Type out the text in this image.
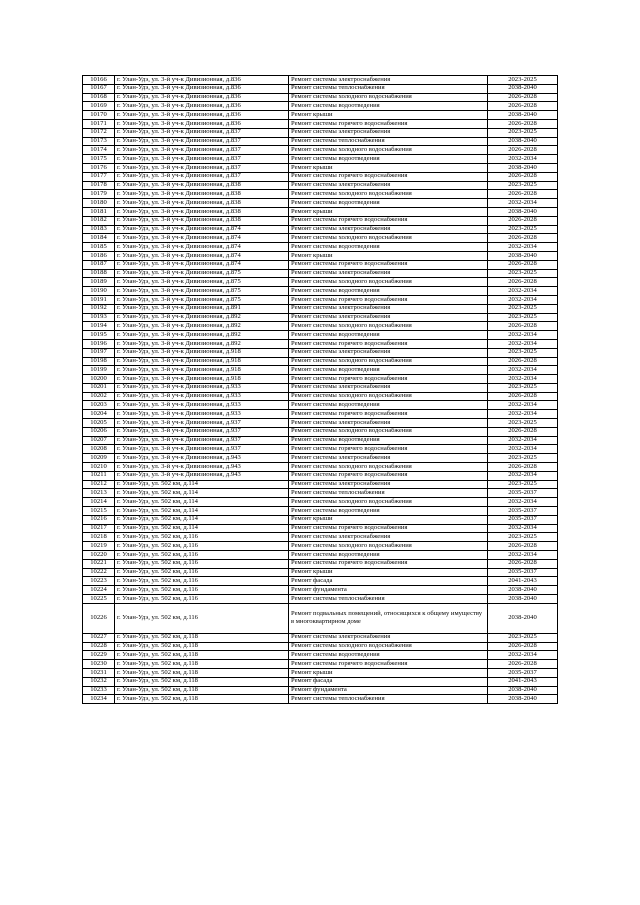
10166	г. Улан-Удэ, ул. 3-й уч-к Дивизионная, д.836	Ремонт системы электроснабжения	2023-2025
10167	г. Улан-Удэ, ул. 3-й уч-к Дивизионная, д.836	Ремонт системы теплоснабжения	2038-2040
10168	г. Улан-Удэ, ул. 3-й уч-к Дивизионная, д.836	Ремонт системы холодного водоснабжения	2026-2028
10169	г. Улан-Удэ, ул. 3-й уч-к Дивизионная, д.836	Ремонт системы водоотведения	2026-2028
10170	г. Улан-Удэ, ул. 3-й уч-к Дивизионная, д.836	Ремонт крыши	2038-2040
10171	г. Улан-Удэ, ул. 3-й уч-к Дивизионная, д.836	Ремонт системы горячего водоснабжения	2026-2028
10172	г. Улан-Удэ, ул. 3-й уч-к Дивизионная, д.837	Ремонт системы электроснабжения	2023-2025
10173	г. Улан-Удэ, ул. 3-й уч-к Дивизионная, д.837	Ремонт системы теплоснабжения	2038-2040
10174	г. Улан-Удэ, ул. 3-й уч-к Дивизионная, д.837	Ремонт системы холодного водоснабжения	2026-2028
10175	г. Улан-Удэ, ул. 3-й уч-к Дивизионная, д.837	Ремонт системы водоотведения	2032-2034
10176	г. Улан-Удэ, ул. 3-й уч-к Дивизионная, д.837	Ремонт крыши	2038-2040
10177	г. Улан-Удэ, ул. 3-й уч-к Дивизионная, д.837	Ремонт системы горячего водоснабжения	2026-2028
10178	г. Улан-Удэ, ул. 3-й уч-к Дивизионная, д.838	Ремонт системы электроснабжения	2023-2025
10179	г. Улан-Удэ, ул. 3-й уч-к Дивизионная, д.838	Ремонт системы холодного водоснабжения	2026-2028
10180	г. Улан-Удэ, ул. 3-й уч-к Дивизионная, д.838	Ремонт системы водоотведения	2032-2034
10181	г. Улан-Удэ, ул. 3-й уч-к Дивизионная, д.838	Ремонт крыши	2038-2040
10182	г. Улан-Удэ, ул. 3-й уч-к Дивизионная, д.838	Ремонт системы горячего водоснабжения	2026-2028
10183	г. Улан-Удэ, ул. 3-й уч-к Дивизионная, д.874	Ремонт системы электроснабжения	2023-2025
10184	г. Улан-Удэ, ул. 3-й уч-к Дивизионная, д.874	Ремонт системы холодного водоснабжения	2026-2028
10185	г. Улан-Удэ, ул. 3-й уч-к Дивизионная, д.874	Ремонт системы водоотведения	2032-2034
10186	г. Улан-Удэ, ул. 3-й уч-к Дивизионная, д.874	Ремонт крыши	2038-2040
10187	г. Улан-Удэ, ул. 3-й уч-к Дивизионная, д.874	Ремонт системы горячего водоснабжения	2026-2028
10188	г. Улан-Удэ, ул. 3-й уч-к Дивизионная, д.875	Ремонт системы электроснабжения	2023-2025
10189	г. Улан-Удэ, ул. 3-й уч-к Дивизионная, д.875	Ремонт системы холодного водоснабжения	2026-2028
10190	г. Улан-Удэ, ул. 3-й уч-к Дивизионная, д.875	Ремонт системы водоотведения	2032-2034
10191	г. Улан-Удэ, ул. 3-й уч-к Дивизионная, д.875	Ремонт системы горячего водоснабжения	2032-2034
10192	г. Улан-Удэ, ул. 3-й уч-к Дивизионная, д.891	Ремонт системы электроснабжения	2023-2025
10193	г. Улан-Удэ, ул. 3-й уч-к Дивизионная, д.892	Ремонт системы электроснабжения	2023-2025
10194	г. Улан-Удэ, ул. 3-й уч-к Дивизионная, д.892	Ремонт системы холодного водоснабжения	2026-2028
10195	г. Улан-Удэ, ул. 3-й уч-к Дивизионная, д.892	Ремонт системы водоотведения	2032-2034
10196	г. Улан-Удэ, ул. 3-й уч-к Дивизионная, д.892	Ремонт системы горячего водоснабжения	2032-2034
10197	г. Улан-Удэ, ул. 3-й уч-к Дивизионная, д.918	Ремонт системы электроснабжения	2023-2025
10198	г. Улан-Удэ, ул. 3-й уч-к Дивизионная, д.918	Ремонт системы холодного водоснабжения	2026-2028
10199	г. Улан-Удэ, ул. 3-й уч-к Дивизионная, д.918	Ремонт системы водоотведения	2032-2034
10200	г. Улан-Удэ, ул. 3-й уч-к Дивизионная, д.918	Ремонт системы горячего водоснабжения	2032-2034
10201	г. Улан-Удэ, ул. 3-й уч-к Дивизионная, д.933	Ремонт системы электроснабжения	2023-2025
10202	г. Улан-Удэ, ул. 3-й уч-к Дивизионная, д.933	Ремонт системы холодного водоснабжения	2026-2028
10203	г. Улан-Удэ, ул. 3-й уч-к Дивизионная, д.933	Ремонт системы водоотведения	2032-2034
10204	г. Улан-Удэ, ул. 3-й уч-к Дивизионная, д.933	Ремонт системы горячего водоснабжения	2032-2034
10205	г. Улан-Удэ, ул. 3-й уч-к Дивизионная, д.937	Ремонт системы электроснабжения	2023-2025
10206	г. Улан-Удэ, ул. 3-й уч-к Дивизионная, д.937	Ремонт системы холодного водоснабжения	2026-2028
10207	г. Улан-Удэ, ул. 3-й уч-к Дивизионная, д.937	Ремонт системы водоотведения	2032-2034
10208	г. Улан-Удэ, ул. 3-й уч-к Дивизионная, д.937	Ремонт системы горячего водоснабжения	2032-2034
10209	г. Улан-Удэ, ул. 3-й уч-к Дивизионная, д.943	Ремонт системы электроснабжения	2023-2025
10210	г. Улан-Удэ, ул. 3-й уч-к Дивизионная, д.943	Ремонт системы холодного водоснабжения	2026-2028
10211	г. Улан-Удэ, ул. 3-й уч-к Дивизионная, д.943	Ремонт системы горячего водоснабжения	2032-2034
10212	г. Улан-Удэ, ул. 502 км, д.114	Ремонт системы электроснабжения	2023-2025
10213	г. Улан-Удэ, ул. 502 км, д.114	Ремонт системы теплоснабжения	2035-2037
10214	г. Улан-Удэ, ул. 502 км, д.114	Ремонт системы холодного водоснабжения	2032-2034
10215	г. Улан-Удэ, ул. 502 км, д.114	Ремонт системы водоотведения	2035-2037
10216	г. Улан-Удэ, ул. 502 км, д.114	Ремонт крыши	2035-2037
10217	г. Улан-Удэ, ул. 502 км, д.114	Ремонт системы горячего водоснабжения	2032-2034
10218	г. Улан-Удэ, ул. 502 км, д.116	Ремонт системы электроснабжения	2023-2025
10219	г. Улан-Удэ, ул. 502 км, д.116	Ремонт системы холодного водоснабжения	2026-2028
10220	г. Улан-Удэ, ул. 502 км, д.116	Ремонт системы водоотведения	2032-2034
10221	г. Улан-Удэ, ул. 502 км, д.116	Ремонт системы горячего водоснабжения	2026-2028
10222	г. Улан-Удэ, ул. 502 км, д.116	Ремонт крыши	2035-2037
10223	г. Улан-Удэ, ул. 502 км, д.116	Ремонт фасада	2041-2043
10224	г. Улан-Удэ, ул. 502 км, д.116	Ремонт фундамента	2038-2040
10225	г. Улан-Удэ, ул. 502 км, д.116	Ремонт системы теплоснабжения	2038-2040
10226	г. Улан-Удэ, ул. 502 км, д.116	Ремонт подвальных помещений, относящихся к общему имуществу в многоквартирном доме	2038-2040
10227	г. Улан-Удэ, ул. 502 км, д.118	Ремонт системы электроснабжения	2023-2025
10228	г. Улан-Удэ, ул. 502 км, д.118	Ремонт системы холодного водоснабжения	2026-2028
10229	г. Улан-Удэ, ул. 502 км, д.118	Ремонт системы водоотведения	2032-2034
10230	г. Улан-Удэ, ул. 502 км, д.118	Ремонт системы горячего водоснабжения	2026-2028
10231	г. Улан-Удэ, ул. 502 км, д.118	Ремонт крыши	2035-2037
10232	г. Улан-Удэ, ул. 502 км, д.118	Ремонт фасада	2041-2043
10233	г. Улан-Удэ, ул. 502 км, д.118	Ремонт фундамента	2038-2040
10234	г. Улан-Удэ, ул. 502 км, д.118	Ремонт системы теплоснабжения	2038-2040
